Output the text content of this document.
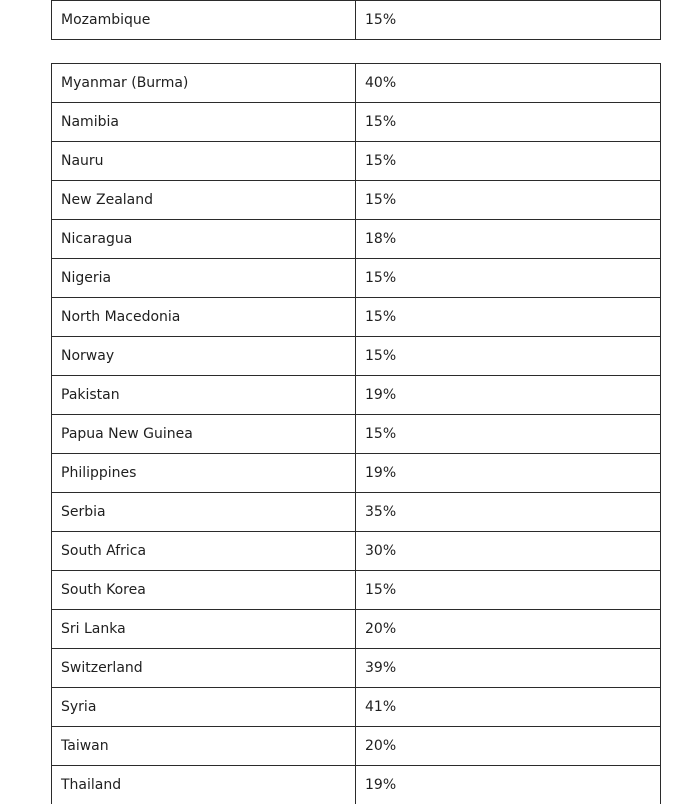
Mozambique	15%
Myanmar (Burma)	40%
Namibia	15%
Nauru	15%
New Zealand	15%
Nicaragua	18%
Nigeria	15%
North Macedonia	15%
Norway	15%
Pakistan	19%
Papua New Guinea	15%
Philippines	19%
Serbia	35%
South Africa	30%
South Korea	15%
Sri Lanka	20%
Switzerland	39%
Syria	41%
Taiwan	20%
Thailand	19%
